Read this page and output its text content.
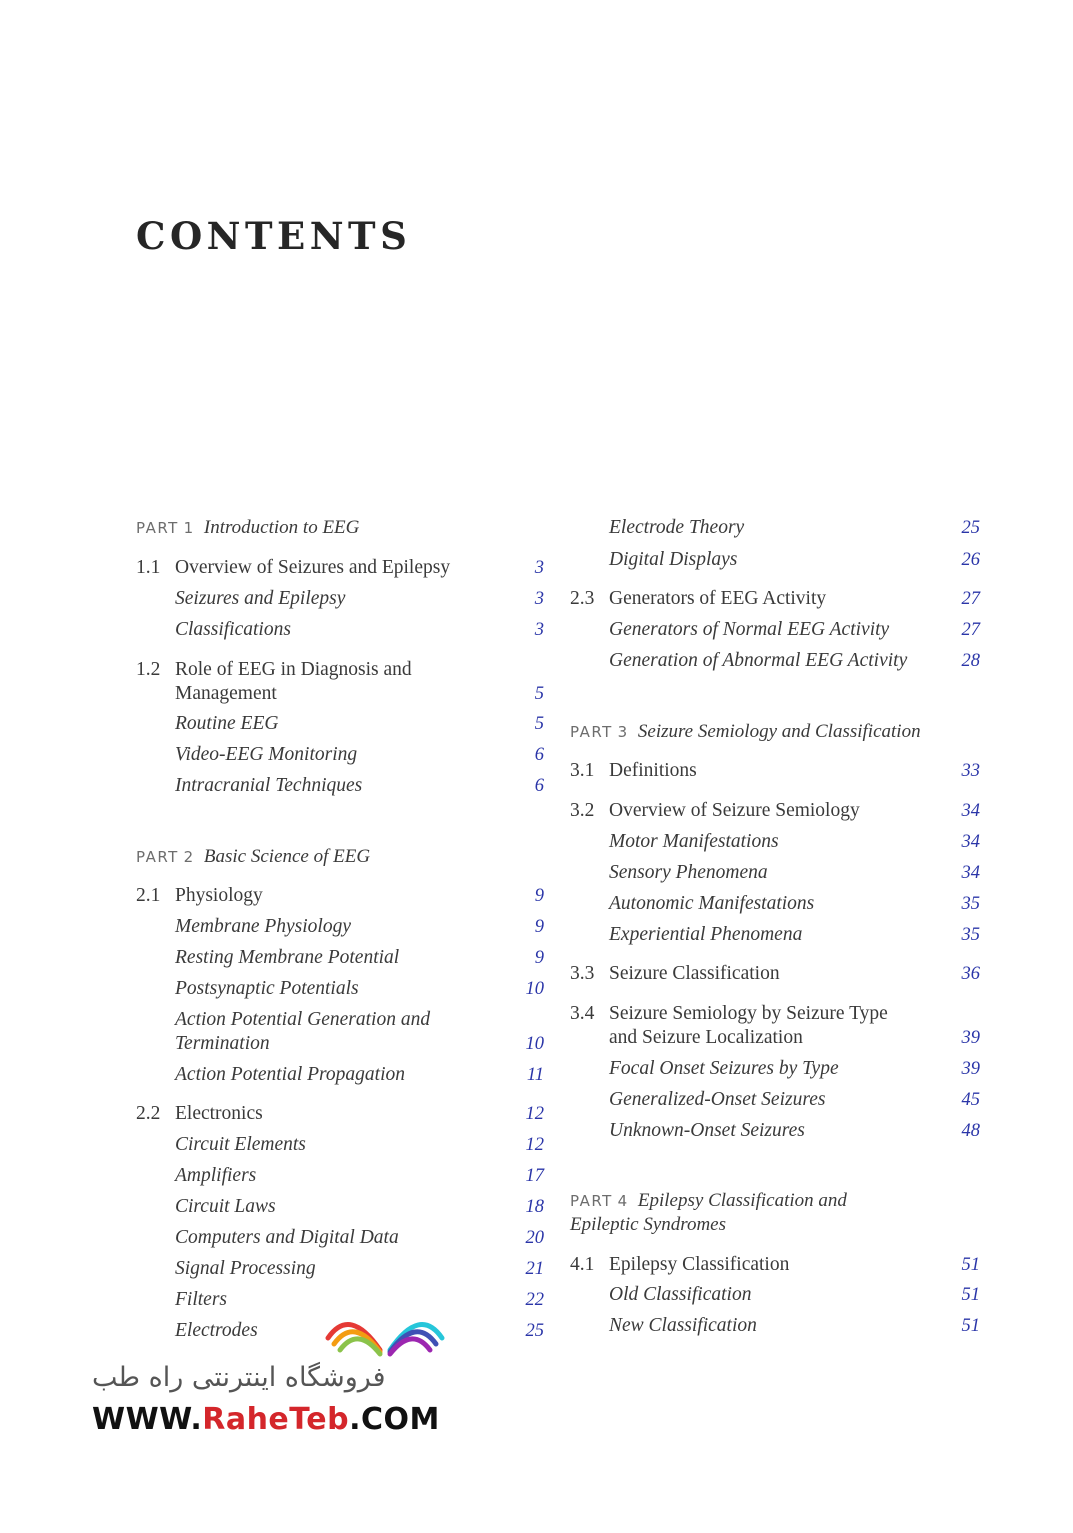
CONTENTS
PART 1 Introduction to EEG
1.1 Overview of Seizures and Epilepsy	3
Seizures and Epilepsy	3
Classifications	3
1.2 Role of EEG in Diagnosis and Management	5
Routine EEG	5
Video-EEG Monitoring	6
Intracranial Techniques	6
PART 2 Basic Science of EEG
2.1 Physiology	9
Membrane Physiology	9
Resting Membrane Potential	9
Postsynaptic Potentials	10
Action Potential Generation and Termination	10
Action Potential Propagation	11
2.2 Electronics	12
Circuit Elements	12
Amplifiers	17
Circuit Laws	18
Computers and Digital Data	20
Signal Processing	21
Filters	22
Electrodes	25
Electrode Theory	25
Digital Displays	26
2.3 Generators of EEG Activity	27
Generators of Normal EEG Activity	27
Generation of Abnormal EEG Activity	28
PART 3 Seizure Semiology and Classification
3.1 Definitions	33
3.2 Overview of Seizure Semiology	34
Motor Manifestations	34
Sensory Phenomena	34
Autonomic Manifestations	35
Experiential Phenomena	35
3.3 Seizure Classification	36
3.4 Seizure Semiology by Seizure Type and Seizure Localization	39
Focal Onset Seizures by Type	39
Generalized-Onset Seizures	45
Unknown-Onset Seizures	48
PART 4 Epilepsy Classification and Epileptic Syndromes
4.1 Epilepsy Classification	51
Old Classification	51
New Classification	51
فروشگاه اینترنتی راه طب
WWW.RaheTeb.COM
